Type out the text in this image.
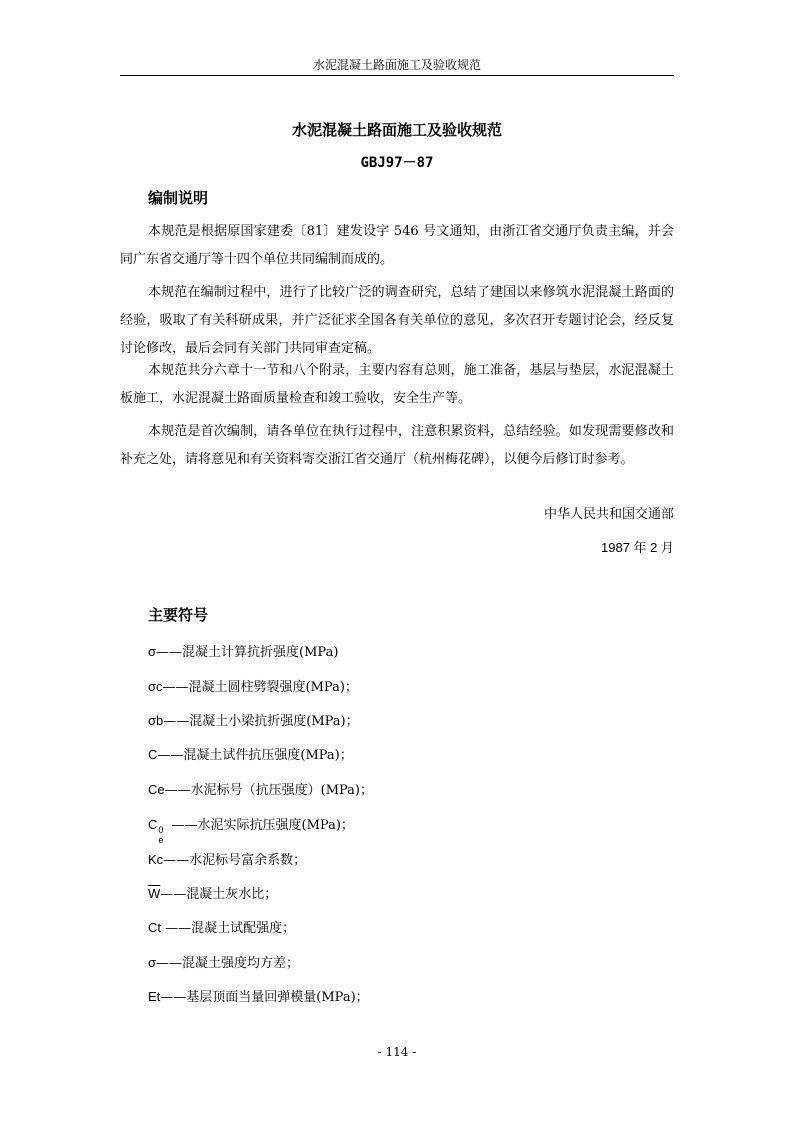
水泥混凝土路面施工及验收规范
水泥混凝土路面施工及验收规范
GBJ97－87
编制说明

本规范是根据原国家建委〔81〕建发设字 546 号文通知，由浙江省交通厅负责主编，并会同广东省交通厅等十四个单位共同编制而成的。

本规范在编制过程中，进行了比较广泛的调查研究，总结了建国以来修筑水泥混凝土路面的经验，吸取了有关科研成果，并广泛征求全国各有关单位的意见，多次召开专题讨论会，经反复讨论修改，最后会同有关部门共同审查定稿。

本规范共分六章十一节和八个附录，主要内容有总则，施工准备，基层与垫层，水泥混凝土板施工，水泥混凝土路面质量检查和竣工验收，安全生产等。

本规范是首次编制，请各单位在执行过程中，注意积累资料，总结经验。如发现需要修改和补充之处，请将意见和有关资料寄交浙江省交通厅（杭州梅花碑），以便今后修订时参考。

中华人民共和国交通部
1987 年 2 月
主要符号
σ——混凝土计算抗折强度(MPa)
σc——混凝土圆柱劈裂强度(MPa)；
σb——混凝土小梁抗折强度(MPa)；
C——混凝土试件抗压强度(MPa)；
Ce——水泥标号（抗压强度）(MPa)；
C 0
e
——水泥实际抗压强度(MPa)；
Kc——水泥标号富余系数；
$\overline{W}——$混凝土灰水比；
Ct ——混凝土试配强度；
σ——混凝土强度均方差；
Et——基层顶面当量回弹模量(MPa)；
- 114 -
